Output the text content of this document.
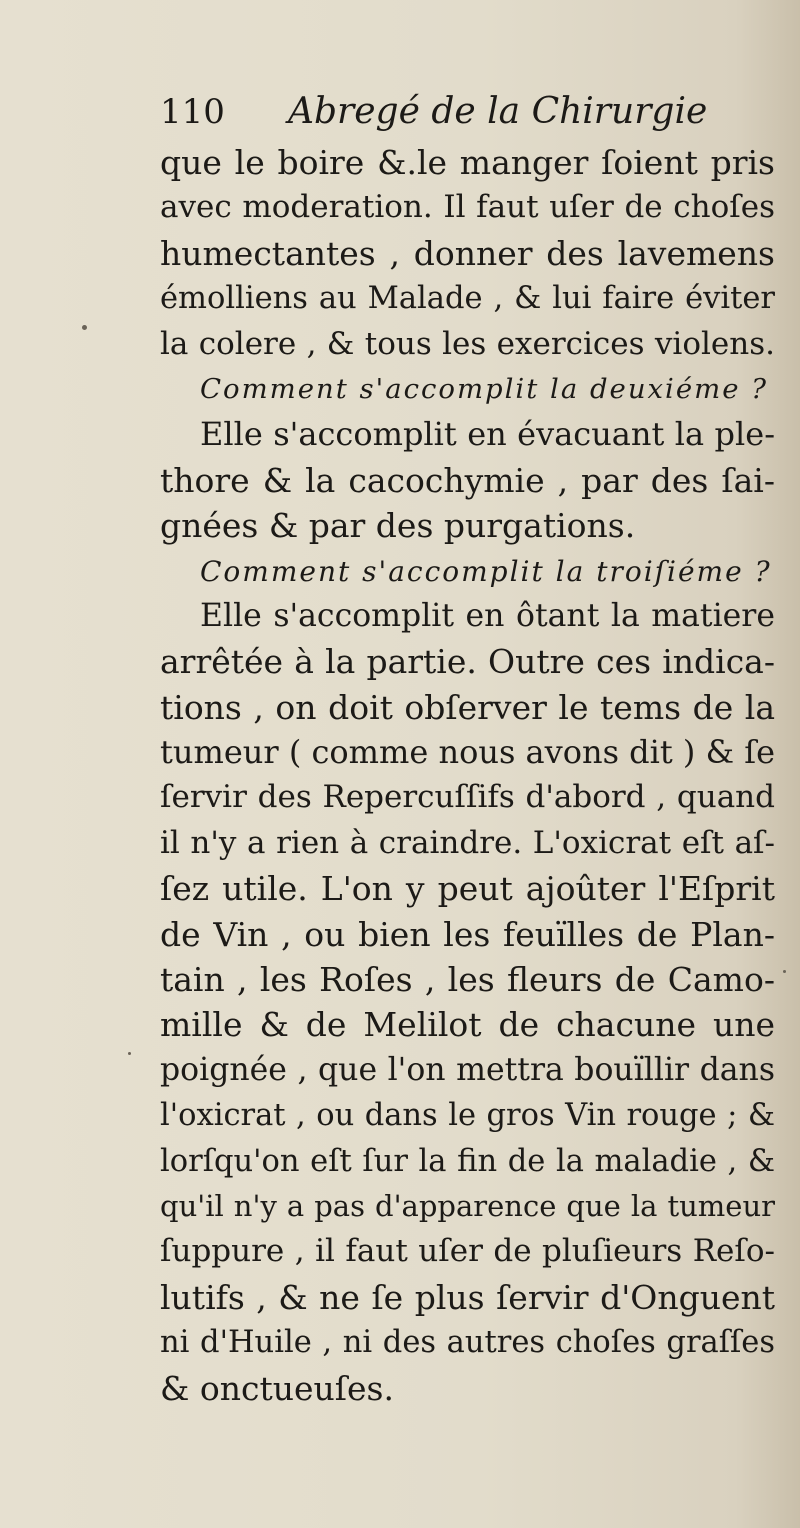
110 Abregé de la Chirurgie
que le boire &.le manger ſoient pris
avec moderation. Il faut uſer de choſes
humectantes , donner des lavemens
émolliens au Malade , & lui faire éviter
la colere , & tous les exercices violens.
Comment s'accomplit la deuxiéme ?
Elle s'accomplit en évacuant la ple-
thore & la cacochymie , par des ſai-
gnées & par des purgations.
Comment s'accomplit la troiſiéme ?
Elle s'accomplit en ôtant la matiere
arrêtée à la partie. Outre ces indica-
tions , on doit obſerver le tems de la
tumeur ( comme nous avons dit ) & ſe
ſervir des Repercuſſifs d'abord , quand
il n'y a rien à craindre. L'oxicrat eſt aſ-
ſez utile. L'on y peut ajoûter l'Eſprit
de Vin , ou bien les feuïlles de Plan-
tain , les Roſes , les fleurs de Camo-
mille & de Melilot de chacune une
poignée , que l'on mettra bouïllir dans
l'oxicrat , ou dans le gros Vin rouge ; &
lorſqu'on eſt ſur la fin de la maladie , &
qu'il n'y a pas d'apparence que la tumeur
ſuppure , il faut uſer de pluſieurs Reſo-
lutifs , & ne ſe plus ſervir d'Onguent
ni d'Huile , ni des autres choſes graſſes
& onctueuſes.
